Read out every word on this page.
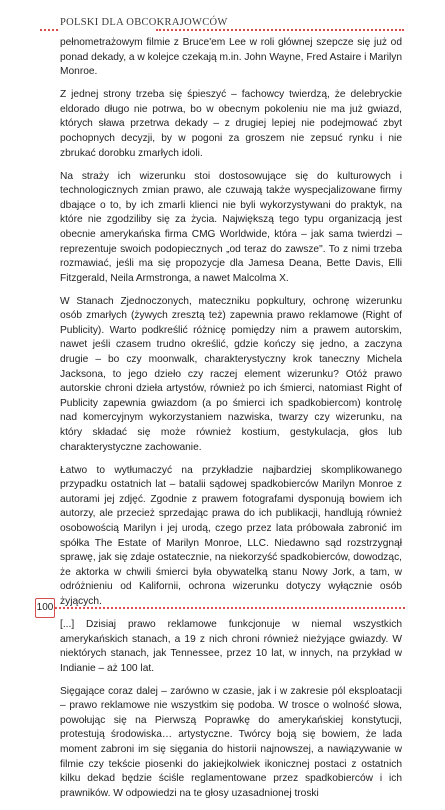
POLSKI DLA OBCOKRAJOWCÓW

pełnometrażowym filmie z Bruce'em Lee w roli głównej szepcze się już od ponad dekady, a w kolejce czekają m.in. John Wayne, Fred Astaire i Marilyn Monroe.

Z jednej strony trzeba się śpieszyć – fachowcy twierdzą, że delebryckie eldorado długo nie potrwa, bo w obecnym pokoleniu nie ma już gwiazd, których sława przetrwa dekady – z drugiej lepiej nie podejmować zbyt pochopnych decyzji, by w pogoni za groszem nie zepsuć rynku i nie zbrukać dorobku zmarłych idoli.

Na straży ich wizerunku stoi dostosowujące się do kulturowych i technologicznych zmian prawo, ale czuwają także wyspecjalizowane firmy dbające o to, by ich zmarli klienci nie byli wykorzystywani do praktyk, na które nie zgodziliby się za życia. Największą tego typu organizacją jest obecnie amerykańska firma CMG Worldwide, która – jak sama twierdzi – reprezentuje swoich podopiecznych „od teraz do zawsze". To z nimi trzeba rozmawiać, jeśli ma się propozycje dla Jamesa Deana, Bette Davis, Elli Fitzgerald, Neila Armstronga, a nawet Malcolma X.

W Stanach Zjednoczonych, mateczniku popkultury, ochronę wizerunku osób zmarłych (żywych zresztą też) zapewnia prawo reklamowe (Right of Publicity). Warto podkreślić różnicę pomiędzy nim a prawem autorskim, nawet jeśli czasem trudno określić, gdzie kończy się jedno, a zaczyna drugie – bo czy moonwalk, charakterystyczny krok taneczny Michela Jacksona, to jego dzieło czy raczej element wizerunku? Otóż prawo autorskie chroni dzieła artystów, również po ich śmierci, natomiast Right of Publicity zapewnia gwiazdom (a po śmierci ich spadkobiercom) kontrolę nad komercyjnym wykorzystaniem nazwiska, twarzy czy wizerunku, na który składać się może również kostium, gestykulacja, głos lub charakterystyczne zachowanie.

Łatwo to wytłumaczyć na przykładzie najbardziej skomplikowanego przypadku ostatnich lat – batalii sądowej spadkobierców Marilyn Monroe z autorami jej zdjęć. Zgodnie z prawem fotografami dysponują bowiem ich autorzy, ale przecież sprzedając prawa do ich publikacji, handlują również osobowością Marilyn i jej urodą, czego przez lata próbowała zabronić im spółka The Estate of Marilyn Monroe, LLC. Niedawno sąd rozstrzygnął sprawę, jak się zdaje ostatecznie, na niekorzyść spadkobierców, dowodząc, że aktorka w chwili śmierci była obywatelką stanu Nowy Jork, a tam, w odróżnieniu od Kalifornii, ochrona wizerunku dotyczy wyłącznie osób żyjących.

[...] Dzisiaj prawo reklamowe funkcjonuje w niemal wszystkich amerykańskich stanach, a 19 z nich chroni również nieżyjące gwiazdy. W niektórych stanach, jak Tennessee, przez 10 lat, w innych, na przykład w Indianie – aż 100 lat.

Sięgające coraz dalej – zarówno w czasie, jak i w zakresie pól eksploatacji – prawo reklamowe nie wszystkim się podoba. W trosce o wolność słowa, powołując się na Pierwszą Poprawkę do amerykańskiej konstytucji, protestują środowiska… artystyczne. Twórcy boją się bowiem, że lada moment zabroni im się sięgania do historii najnowszej, a nawiązywanie w filmie czy tekście piosenki do jakiejkolwiek ikonicznej postaci z ostatnich kilku dekad będzie ściśle reglamentowane przez spadkobierców i ich prawników. W odpowiedzi na te głosy uzasadnionej troski

100
